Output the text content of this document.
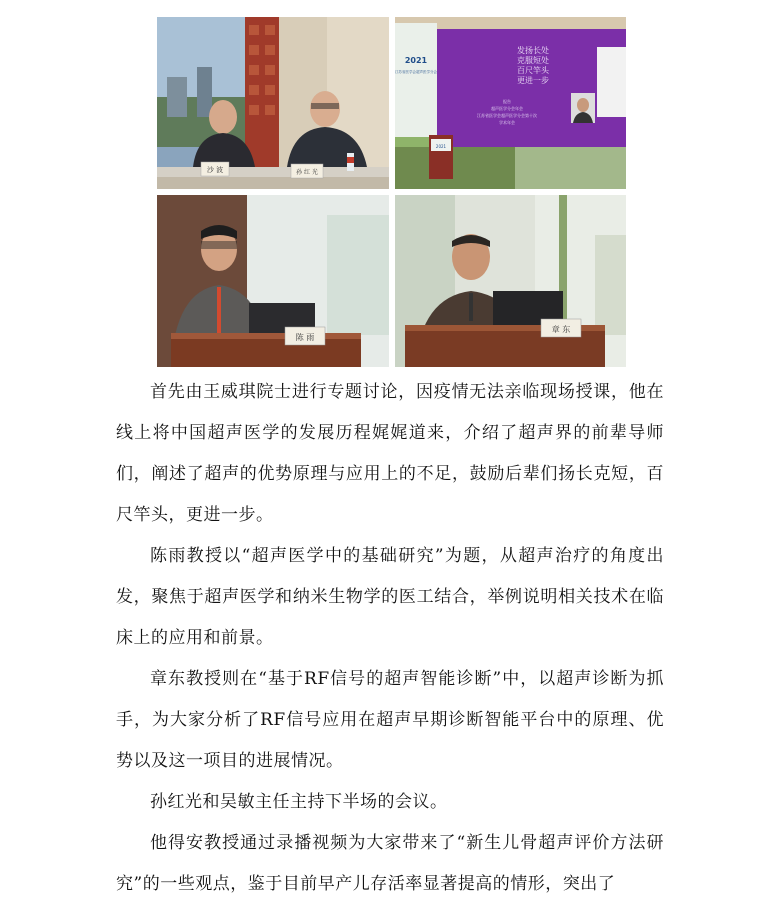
沙 波	孙 红 光
2021
江苏省医学会超声医学分会
发扬长处
克服短处
百尺竿头
更进一步
报告
超声医学分会年会
江苏省医学会超声医学分会第十次
学术年会
2021
陈 雨
章 东

首先由王威琪院士进行专题讨论，因疫情无法亲临现场授课，他在线上将中国超声医学的发展历程娓娓道来，介绍了超声界的前辈导师们，阐述了超声的优势原理与应用上的不足，鼓励后辈们扬长克短，百尺竿头，更进一步。

陈雨教授以“超声医学中的基础研究”为题，从超声治疗的角度出发，聚焦于超声医学和纳米生物学的医工结合，举例说明相关技术在临床上的应用和前景。

章东教授则在“基于RF信号的超声智能诊断”中，以超声诊断为抓手，为大家分析了RF信号应用在超声早期诊断智能平台中的原理、优势以及这一项目的进展情况。

孙红光和吴敏主任主持下半场的会议。

他得安教授通过录播视频为大家带来了“新生儿骨超声评价方法研究”的一些观点，鉴于目前早产儿存活率显著提高的情形，突出了
